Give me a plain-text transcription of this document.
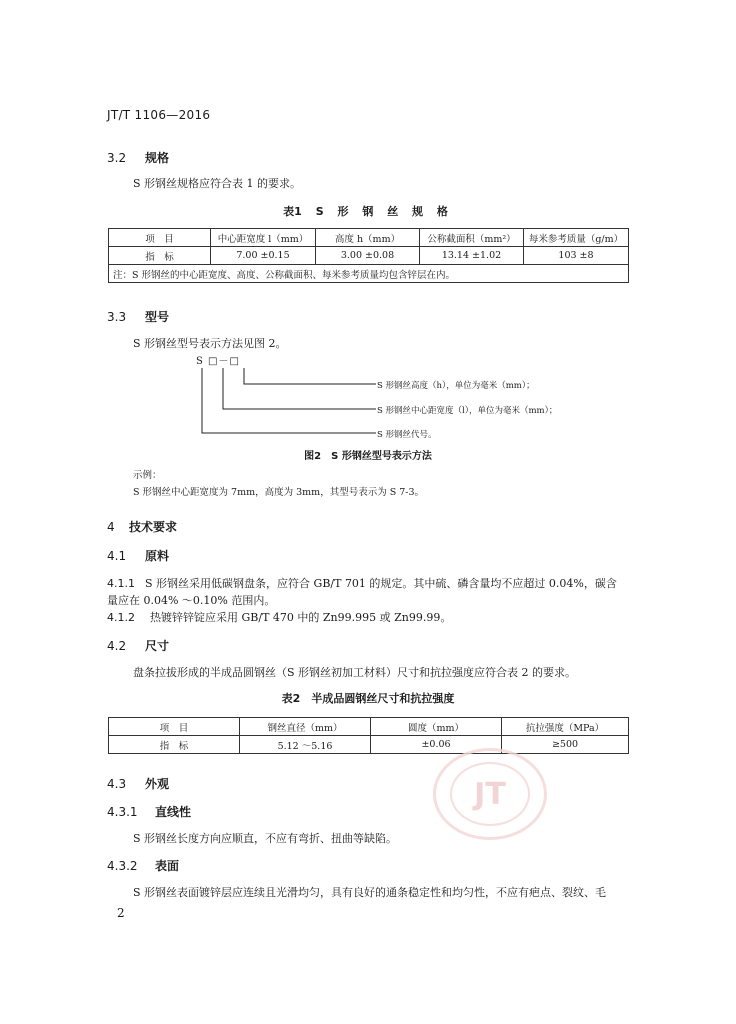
JT/T 1106—2016
3.2 规格
S 形钢丝规格应符合表 1 的要求。
表1 S 形 钢 丝 规 格
项　目	中心距宽度 l（mm）	高度 h（mm）	公称截面积（mm²）	每米参考质量（g/m）
指　标	7.00 ±0.15	3.00 ±0.08	13.14 ±1.02	103 ±8
注：S 形钢丝的中心距宽度、高度、公称截面积、每米参考质量均包含锌层在内。				
3.3 型号
S 形钢丝型号表示方法见图 2。
S □－□
S 形钢丝高度（h），单位为毫米（mm）；
S 形钢丝中心距宽度（l），单位为毫米（mm）；
S 形钢丝代号。
图2　S 形钢丝型号表示方法
示例：
S 形钢丝中心距宽度为 7mm，高度为 3mm，其型号表示为 S 7-3。
4 技术要求
4.1 原料
4.1.1 S 形钢丝采用低碳钢盘条，应符合 GB/T 701 的规定。其中硫、磷含量均不应超过 0.04%，碳含
量应在 0.04% ～0.10% 范围内。
4.1.2 热镀锌锌锭应采用 GB/T 470 中的 Zn99.995 或 Zn99.99。
4.2 尺寸
盘条拉拔形成的半成品圆钢丝（S 形钢丝初加工材料）尺寸和抗拉强度应符合表 2 的要求。
表2　半成品圆钢丝尺寸和抗拉强度
项　目	钢丝直径（mm）	圆度（mm）	抗拉强度（MPa）
指　标	5.12 ～5.16	±0.06	≥500
JT
4.3 外观
4.3.1 直线性
S 形钢丝长度方向应顺直，不应有弯折、扭曲等缺陷。
4.3.2 表面
S 形钢丝表面镀锌层应连续且光滑均匀，具有良好的通条稳定性和均匀性，不应有疤点、裂纹、毛
2
